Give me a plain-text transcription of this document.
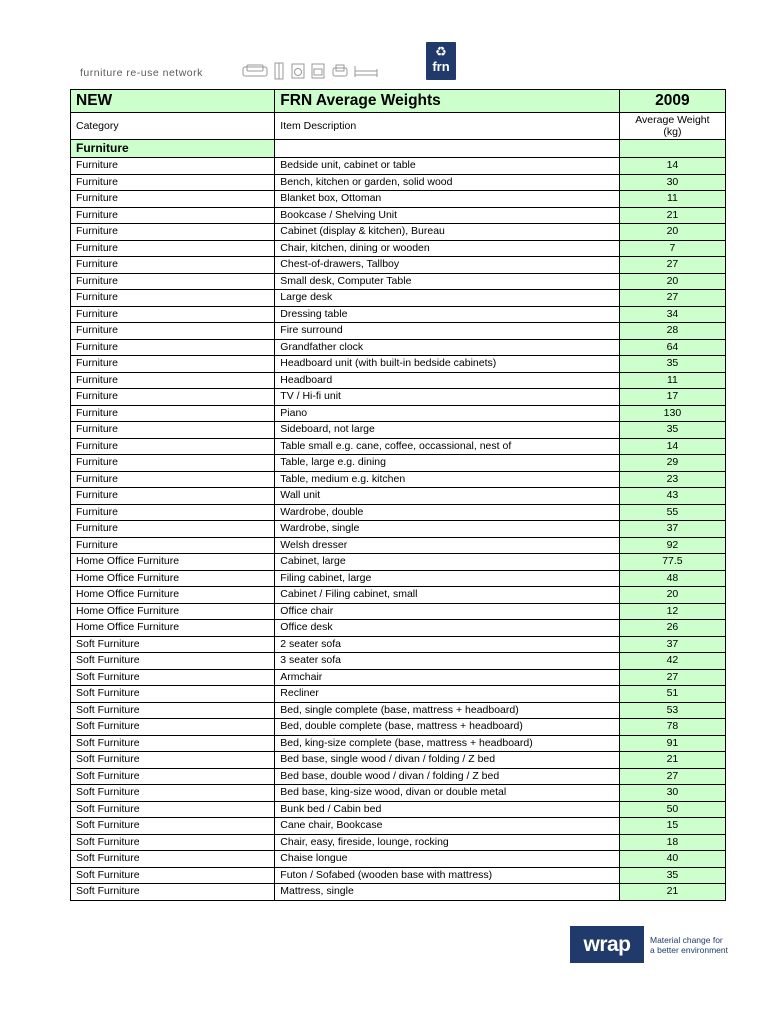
furniture re-use network

♻
frn
NEW	FRN Average Weights	2009
Category	Item Description	Average Weight (kg)
Furniture		
Furniture	Bedside unit, cabinet or table	14
Furniture	Bench, kitchen or garden, solid wood	30
Furniture	Blanket box, Ottoman	11
Furniture	Bookcase / Shelving Unit	21
Furniture	Cabinet (display & kitchen), Bureau	20
Furniture	Chair, kitchen, dining or wooden	7
Furniture	Chest-of-drawers, Tallboy	27
Furniture	Small desk, Computer Table	20
Furniture	Large desk	27
Furniture	Dressing table	34
Furniture	Fire surround	28
Furniture	Grandfather clock	64
Furniture	Headboard unit (with built-in bedside cabinets)	35
Furniture	Headboard	11
Furniture	TV / Hi-fi unit	17
Furniture	Piano	130
Furniture	Sideboard, not large	35
Furniture	Table small e.g. cane, coffee, occassional, nest of	14
Furniture	Table, large e.g. dining	29
Furniture	Table, medium e.g. kitchen	23
Furniture	Wall unit	43
Furniture	Wardrobe, double	55
Furniture	Wardrobe, single	37
Furniture	Welsh dresser	92
Home Office Furniture	Cabinet, large	77.5
Home Office Furniture	Filing cabinet, large	48
Home Office Furniture	Cabinet / Filing cabinet, small	20
Home Office Furniture	Office chair	12
Home Office Furniture	Office desk	26
Soft Furniture	2 seater sofa	37
Soft Furniture	3 seater sofa	42
Soft Furniture	Armchair	27
Soft Furniture	Recliner	51
Soft Furniture	Bed, single complete (base, mattress + headboard)	53
Soft Furniture	Bed, double complete (base, mattress + headboard)	78
Soft Furniture	Bed, king-size complete (base, mattress + headboard)	91
Soft Furniture	Bed base, single wood / divan / folding / Z bed	21
Soft Furniture	Bed base, double wood / divan / folding / Z bed	27
Soft Furniture	Bed base, king-size wood, divan or double metal	30
Soft Furniture	Bunk bed / Cabin bed	50
Soft Furniture	Cane chair, Bookcase	15
Soft Furniture	Chair, easy, fireside, lounge, rocking	18
Soft Furniture	Chaise longue	40
Soft Furniture	Futon / Sofabed (wooden base with mattress)	35
Soft Furniture	Mattress, single	21
wrap	Material change for
a better environment
